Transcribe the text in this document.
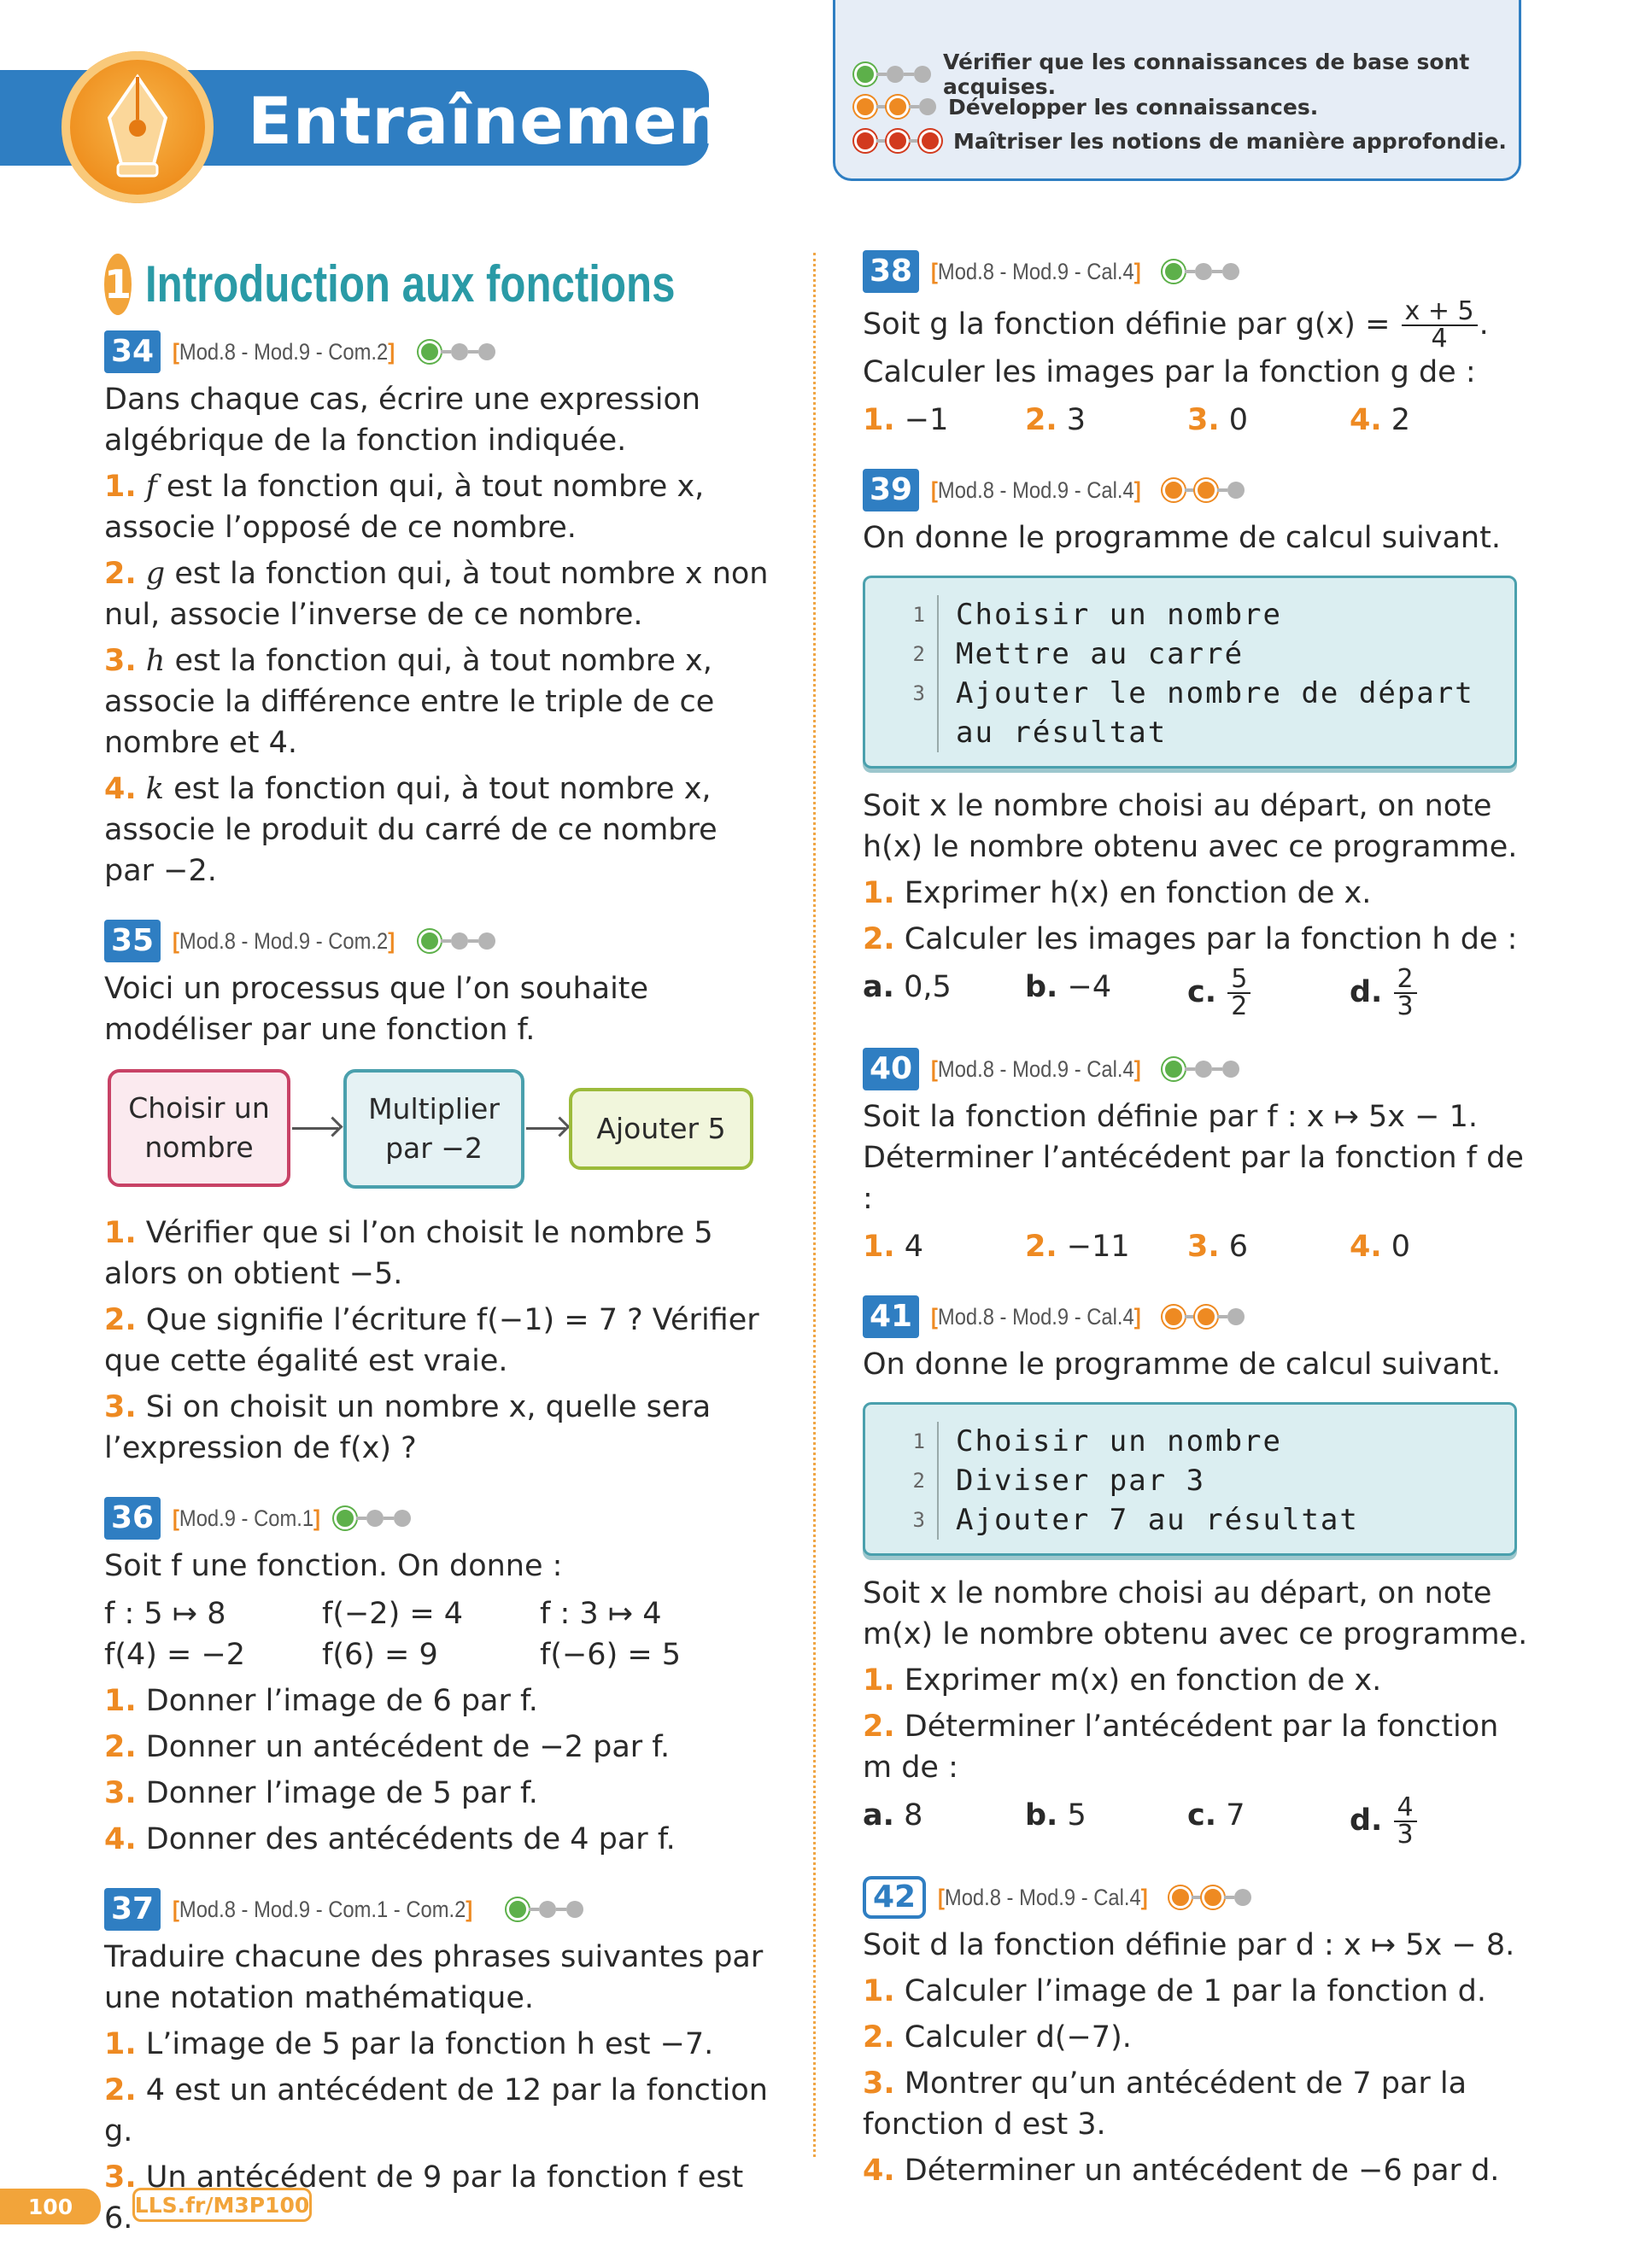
Entraînement
Vérifier que les connaissances de base sont acquises.
Développer les connaissances.
Maîtriser les notions de manière approfondie.
1 Introduction aux fonctions
34 [Mod.8 - Mod.9 - Com.2]

Dans chaque cas, écrire une expression algébrique de la fonction indiquée.

1. f est la fonction qui, à tout nombre x, associe l’opposé de ce nombre.

2. g est la fonction qui, à tout nombre x non nul, associe l’inverse de ce nombre.

3. h est la fonction qui, à tout nombre x, associe la différence entre le triple de ce nombre et 4.

4. k est la fonction qui, à tout nombre x, associe le produit du carré de ce nombre par −2.

35 [Mod.8 - Mod.9 - Com.2]

Voici un processus que l’on souhaite modéliser par une fonction f.

Choisir un nombre
Multiplier par −2
Ajouter 5

1. Vérifier que si l’on choisit le nombre 5 alors on obtient −5.

2. Que signifie l’écriture f(−1) = 7 ? Vérifier que cette égalité est vraie.

3. Si on choisit un nombre x, quelle sera l’expression de f(x) ?

36 [Mod.9 - Com.1]

Soit f une fonction. On donne :

f : 5 ↦ 8	f(−2) = 4	f : 3 ↦ 4
f(4) = −2	f(6) = 9	f(−6) = 5

1. Donner l’image de 6 par f.

2. Donner un antécédent de −2 par f.

3. Donner l’image de 5 par f.

4. Donner des antécédents de 4 par f.

37 [Mod.8 - Mod.9 - Com.1 - Com.2]

Traduire chacune des phrases suivantes par une notation mathématique.

1. L’image de 5 par la fonction h est −7.

2. 4 est un antécédent de 12 par la fonction g.

3. Un antécédent de 9 par la fonction f est 6.

38 [Mod.8 - Mod.9 - Cal.4]

Soit g la fonction définie par $g(x) = \frac{x + 5}{4}$ .

Calculer les images par la fonction g de :

1. −1	2. 3	3. 0	4. 2
39 [Mod.8 - Mod.9 - Cal.4]

On donne le programme de calcul suivant.

1
2
3

Choisir un nombre
Mettre au carré
Ajouter le nombre de départ
au résultat

Soit x le nombre choisi au départ, on note h(x) le nombre obtenu avec ce programme.

1. Exprimer h(x) en fonction de x.

2. Calculer les images par la fonction h de :

a. 0,5	b. −4	c. $\frac{5}{2}$	d. $\frac{2}{3}$
40 [Mod.8 - Mod.9 - Cal.4]

Soit la fonction définie par f : x ↦ 5x − 1.

Déterminer l’antécédent par la fonction f de :

1. 4	2. −11	3. 6	4. 0
41 [Mod.8 - Mod.9 - Cal.4]

On donne le programme de calcul suivant.

1
2
3
Choisir un nombre
Diviser par 3
Ajouter 7 au résultat

Soit x le nombre choisi au départ, on note m(x) le nombre obtenu avec ce programme.

1. Exprimer m(x) en fonction de x.

2. Déterminer l’antécédent par la fonction m de :

a. 8	b. 5	c. 7	d. $\frac{4}{3}$
42 [Mod.8 - Mod.9 - Cal.4]

Soit d la fonction définie par d : x ↦ 5x − 8.

1. Calculer l’image de 1 par la fonction d.

2. Calculer d(−7).

3. Montrer qu’un antécédent de 7 par la fonction d est 3.

4. Déterminer un antécédent de −6 par d.

100	LLS.fr/M3P100
